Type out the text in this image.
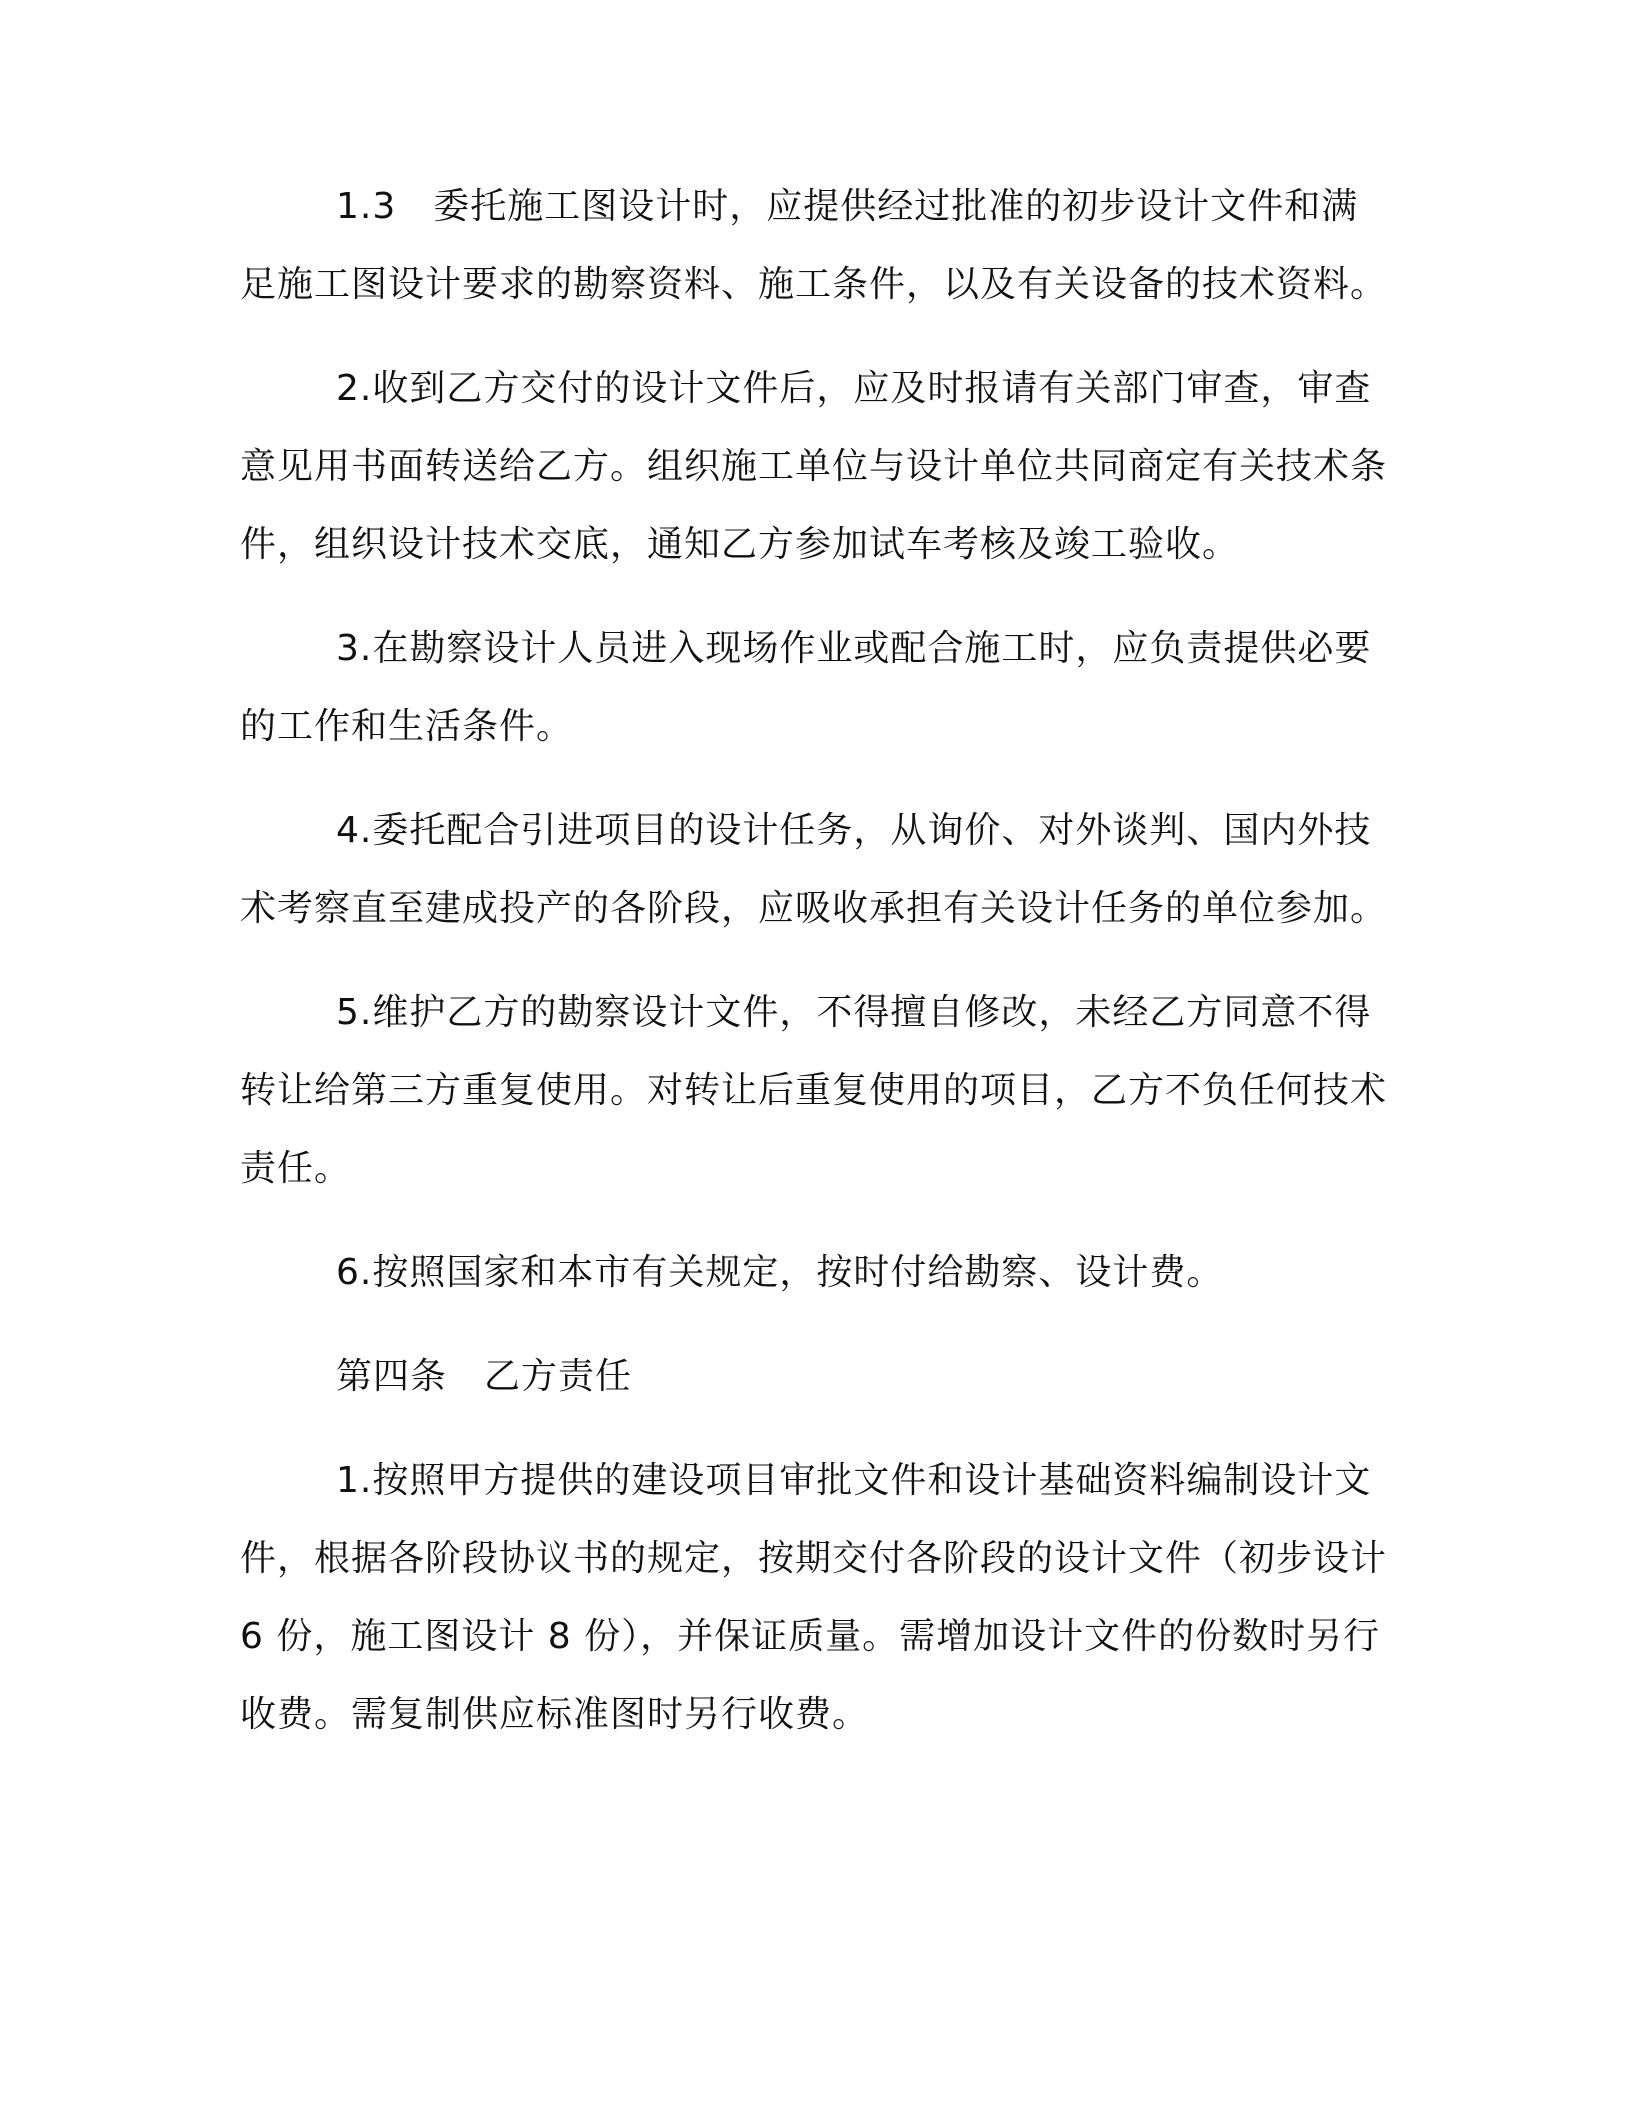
1.3　委托施工图设计时，应提供经过批准的初步设计文件和满足施工图设计要求的勘察资料、施工条件，以及有关设备的技术资料。

2.收到乙方交付的设计文件后，应及时报请有关部门审查，审查意见用书面转送给乙方。组织施工单位与设计单位共同商定有关技术条件，组织设计技术交底，通知乙方参加试车考核及竣工验收。

3.在勘察设计人员进入现场作业或配合施工时，应负责提供必要的工作和生活条件。

4.委托配合引进项目的设计任务，从询价、对外谈判、国内外技术考察直至建成投产的各阶段，应吸收承担有关设计任务的单位参加。

5.维护乙方的勘察设计文件，不得擅自修改，未经乙方同意不得转让给第三方重复使用。对转让后重复使用的项目，乙方不负任何技术责任。

6.按照国家和本市有关规定，按时付给勘察、设计费。

第四条　乙方责任

1.按照甲方提供的建设项目审批文件和设计基础资料编制设计文件，根据各阶段协议书的规定，按期交付各阶段的设计文件（初步设计 6 份，施工图设计 8 份），并保证质量。需增加设计文件的份数时另行收费。需复制供应标准图时另行收费。
